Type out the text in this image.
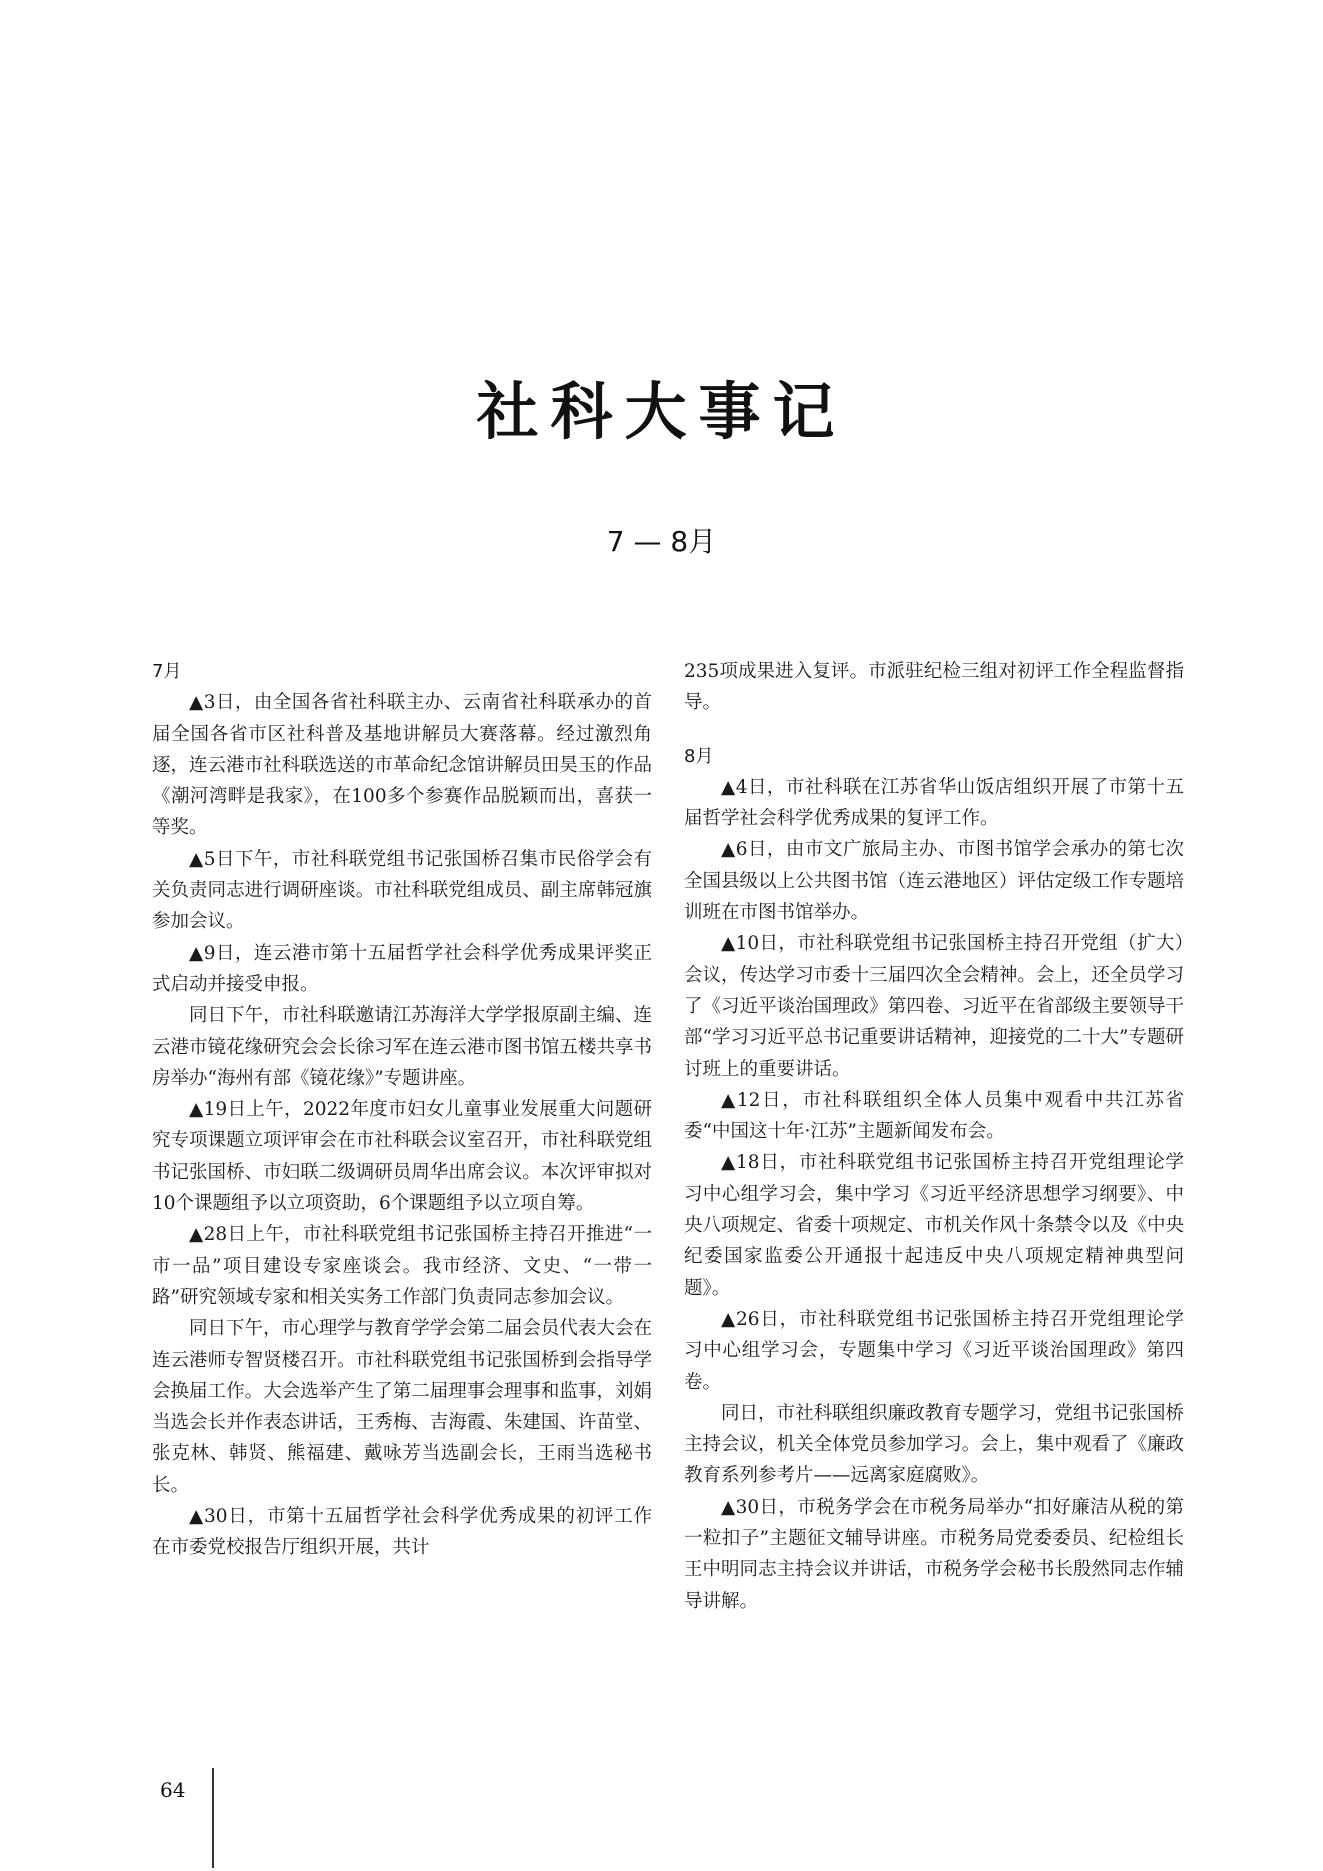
社科大事记
7 — 8月

7月

▲3日，由全国各省社科联主办、云南省社科联承办的首届全国各省市区社科普及基地讲解员大赛落幕。经过激烈角逐，连云港市社科联选送的市革命纪念馆讲解员田昊玉的作品《潮河湾畔是我家》，在100多个参赛作品脱颖而出，喜获一等奖。

▲5日下午，市社科联党组书记张国桥召集市民俗学会有关负责同志进行调研座谈。市社科联党组成员、副主席韩冠旗参加会议。

▲9日，连云港市第十五届哲学社会科学优秀成果评奖正式启动并接受申报。

同日下午，市社科联邀请江苏海洋大学学报原副主编、连云港市镜花缘研究会会长徐习军在连云港市图书馆五楼共享书房举办“海州有部《镜花缘》”专题讲座。

▲19日上午，2022年度市妇女儿童事业发展重大问题研究专项课题立项评审会在市社科联会议室召开，市社科联党组书记张国桥、市妇联二级调研员周华出席会议。本次评审拟对10个课题组予以立项资助，6个课题组予以立项自筹。

▲28日上午，市社科联党组书记张国桥主持召开推进“一市一品”项目建设专家座谈会。我市经济、文史、“一带一路”研究领域专家和相关实务工作部门负责同志参加会议。

同日下午，市心理学与教育学学会第二届会员代表大会在连云港师专智贤楼召开。市社科联党组书记张国桥到会指导学会换届工作。大会选举产生了第二届理事会理事和监事，刘娟当选会长并作表态讲话，王秀梅、吉海霞、朱建国、许苗堂、张克林、韩贤、熊福建、戴咏芳当选副会长，王雨当选秘书长。

▲30日，市第十五届哲学社会科学优秀成果的初评工作在市委党校报告厅组织开展，共计

235项成果进入复评。市派驻纪检三组对初评工作全程监督指导。

8月

▲4日，市社科联在江苏省华山饭店组织开展了市第十五届哲学社会科学优秀成果的复评工作。

▲6日，由市文广旅局主办、市图书馆学会承办的第七次全国县级以上公共图书馆（连云港地区）评估定级工作专题培训班在市图书馆举办。

▲10日，市社科联党组书记张国桥主持召开党组（扩大）会议，传达学习市委十三届四次全会精神。会上，还全员学习了《习近平谈治国理政》第四卷、习近平在省部级主要领导干部“学习习近平总书记重要讲话精神，迎接党的二十大”专题研讨班上的重要讲话。

▲12日，市社科联组织全体人员集中观看中共江苏省委“中国这十年·江苏”主题新闻发布会。

▲18日，市社科联党组书记张国桥主持召开党组理论学习中心组学习会，集中学习《习近平经济思想学习纲要》、中央八项规定、省委十项规定、市机关作风十条禁令以及《中央纪委国家监委公开通报十起违反中央八项规定精神典型问题》。

▲26日，市社科联党组书记张国桥主持召开党组理论学习中心组学习会，专题集中学习《习近平谈治国理政》第四卷。

同日，市社科联组织廉政教育专题学习，党组书记张国桥主持会议，机关全体党员参加学习。会上，集中观看了《廉政教育系列参考片——远离家庭腐败》。

▲30日，市税务学会在市税务局举办“扣好廉洁从税的第一粒扣子”主题征文辅导讲座。市税务局党委委员、纪检组长王中明同志主持会议并讲话，市税务学会秘书长殷然同志作辅导讲解。

64
